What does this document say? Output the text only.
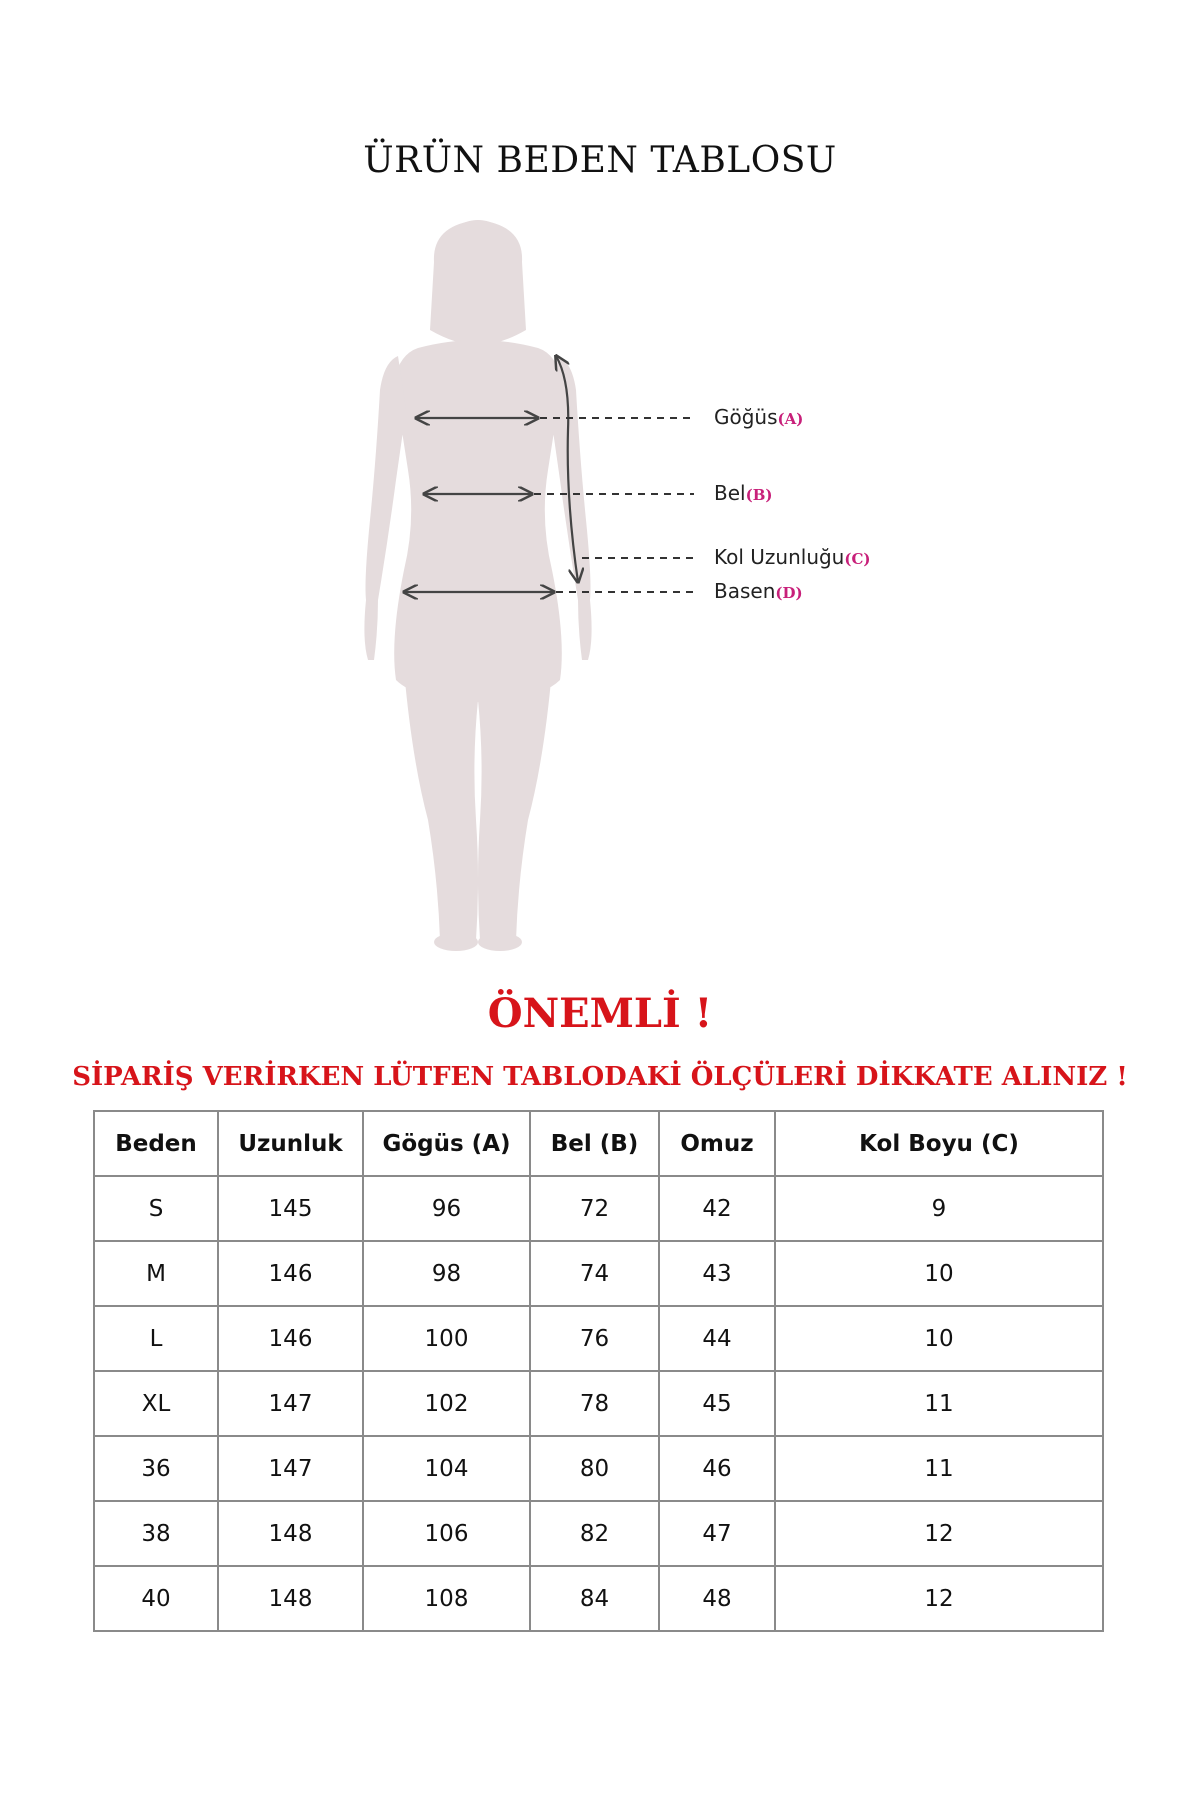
ÜRÜN BEDEN TABLOSU
Göğüs(A)
Bel(B)
Kol Uzunluğu(C)
Basen(D)
ÖNEMLİ !
SİPARİŞ VERİRKEN LÜTFEN TABLODAKİ ÖLÇÜLERİ DİKKATE ALINIZ !
Beden	Uzunluk	Gögüs (A)	Bel (B)	Omuz	Kol Boyu (C)
S	145	96	72	42	9
M	146	98	74	43	10
L	146	100	76	44	10
XL	147	102	78	45	11
36	147	104	80	46	11
38	148	106	82	47	12
40	148	108	84	48	12
